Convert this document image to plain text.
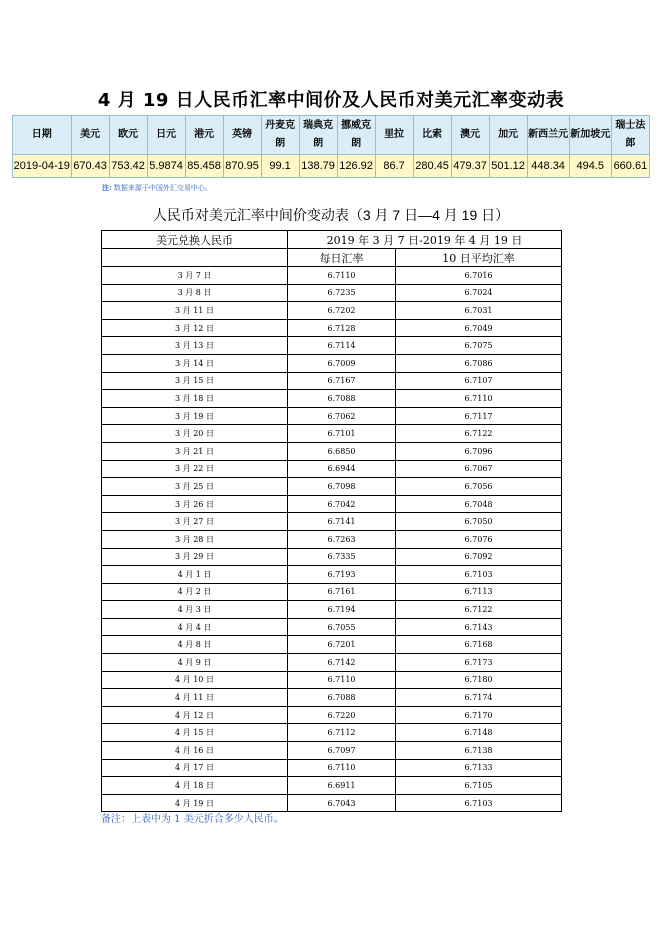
4 月 19 日人民币汇率中间价及人民币对美元汇率变动表
日期	美元	欧元	日元	港元	英镑	丹麦克朗	瑞典克朗	挪威克朗	里拉	比索	澳元	加元	新西兰元	新加坡元	瑞士法郎
2019-04-19	670.43	753.42	5.9874	85.458	870.95	99.1	138.79	126.92	86.7	280.45	479.37	501.12	448.34	494.5	660.61
注: 数据来源于中国外汇交易中心。
人民币对美元汇率中间价变动表（3 月 7 日—4 月 19 日）
美元兑换人民币	2019 年 3 月 7 日-2019 年 4 月 19 日	
	每日汇率	10 日平均汇率
3 月 7 日	6.7110	6.7016
3 月 8 日	6.7235	6.7024
3 月 11 日	6.7202	6.7031
3 月 12 日	6.7128	6.7049
3 月 13 日	6.7114	6.7075
3 月 14 日	6.7009	6.7086
3 月 15 日	6.7167	6.7107
3 月 18 日	6.7088	6.7110
3 月 19 日	6.7062	6.7117
3 月 20 日	6.7101	6.7122
3 月 21 日	6.6850	6.7096
3 月 22 日	6.6944	6.7067
3 月 25 日	6.7098	6.7056
3 月 26 日	6.7042	6.7048
3 月 27 日	6.7141	6.7050
3 月 28 日	6.7263	6.7076
3 月 29 日	6.7335	6.7092
4 月 1 日	6.7193	6.7103
4 月 2 日	6.7161	6.7113
4 月 3 日	6.7194	6.7122
4 月 4 日	6.7055	6.7143
4 月 8 日	6.7201	6.7168
4 月 9 日	6.7142	6.7173
4 月 10 日	6.7110	6.7180
4 月 11 日	6.7088	6.7174
4 月 12 日	6.7220	6.7170
4 月 15 日	6.7112	6.7148
4 月 16 日	6.7097	6.7138
4 月 17 日	6.7110	6.7133
4 月 18 日	6.6911	6.7105
4 月 19 日	6.7043	6.7103
备注：上表中为 1 美元折合多少人民币。
